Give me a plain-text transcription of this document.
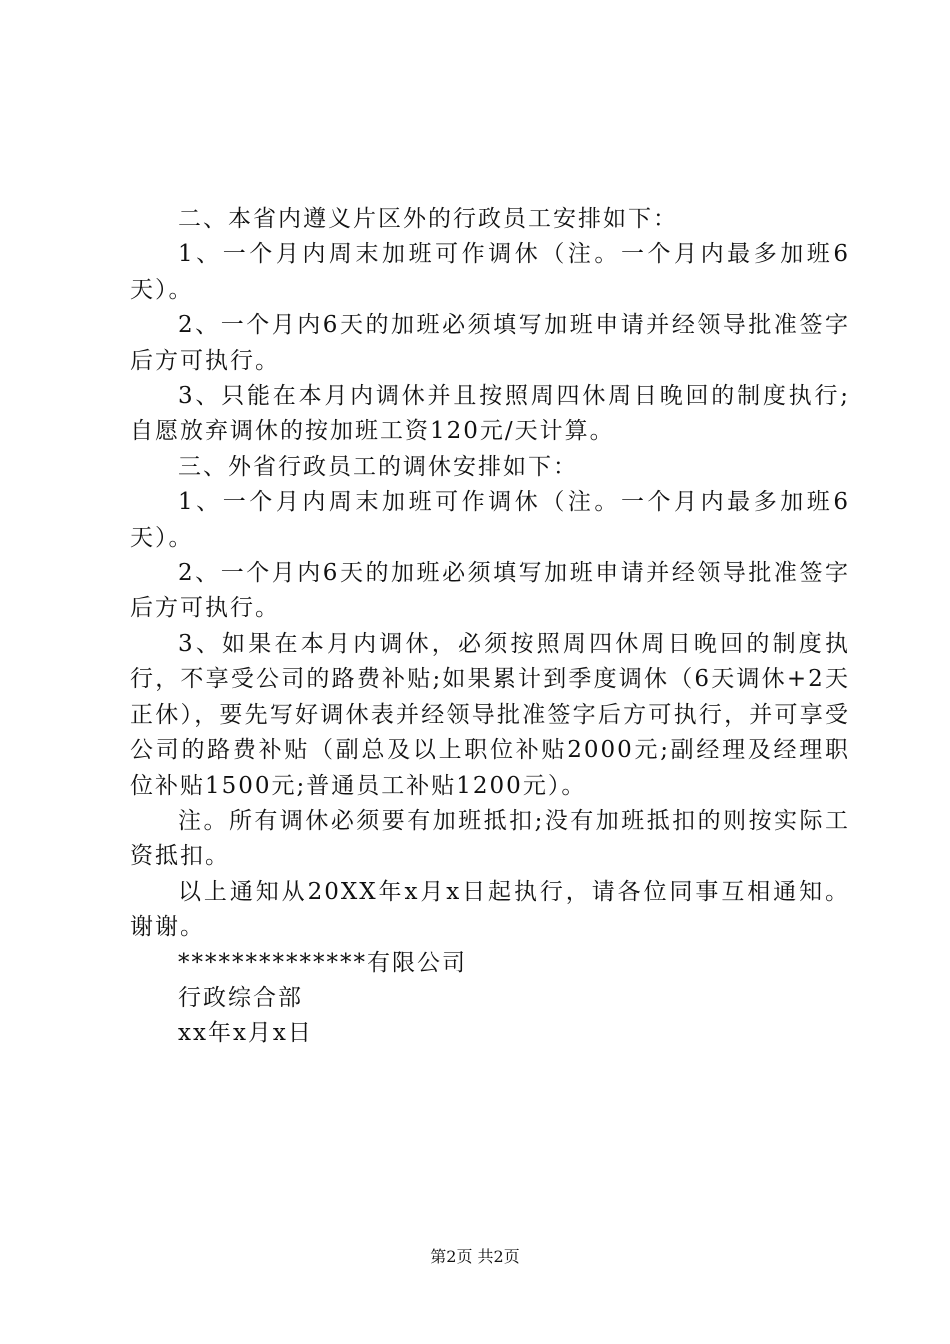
二、本省内遵义片区外的行政员工安排如下：

1、一个月内周末加班可作调休（注。一个月内最多加班6天）。

2、一个月内6天的加班必须填写加班申请并经领导批准签字后方可执行。

3、只能在本月内调休并且按照周四休周日晚回的制度执行;自愿放弃调休的按加班工资120元/天计算。

三、外省行政员工的调休安排如下：

1、一个月内周末加班可作调休（注。一个月内最多加班6天）。

2、一个月内6天的加班必须填写加班申请并经领导批准签字后方可执行。

3、如果在本月内调休，必须按照周四休周日晚回的制度执行，不享受公司的路费补贴;如果累计到季度调休（6天调休+2天正休），要先写好调休表并经领导批准签字后方可执行，并可享受公司的路费补贴（副总及以上职位补贴2000元;副经理及经理职位补贴1500元;普通员工补贴1200元）。

注。所有调休必须要有加班抵扣;没有加班抵扣的则按实际工资抵扣。

以上通知从20XX年x月x日起执行，请各位同事互相通知。谢谢。

**************有限公司

行政综合部

xx年x月x日

第2页 共2页
